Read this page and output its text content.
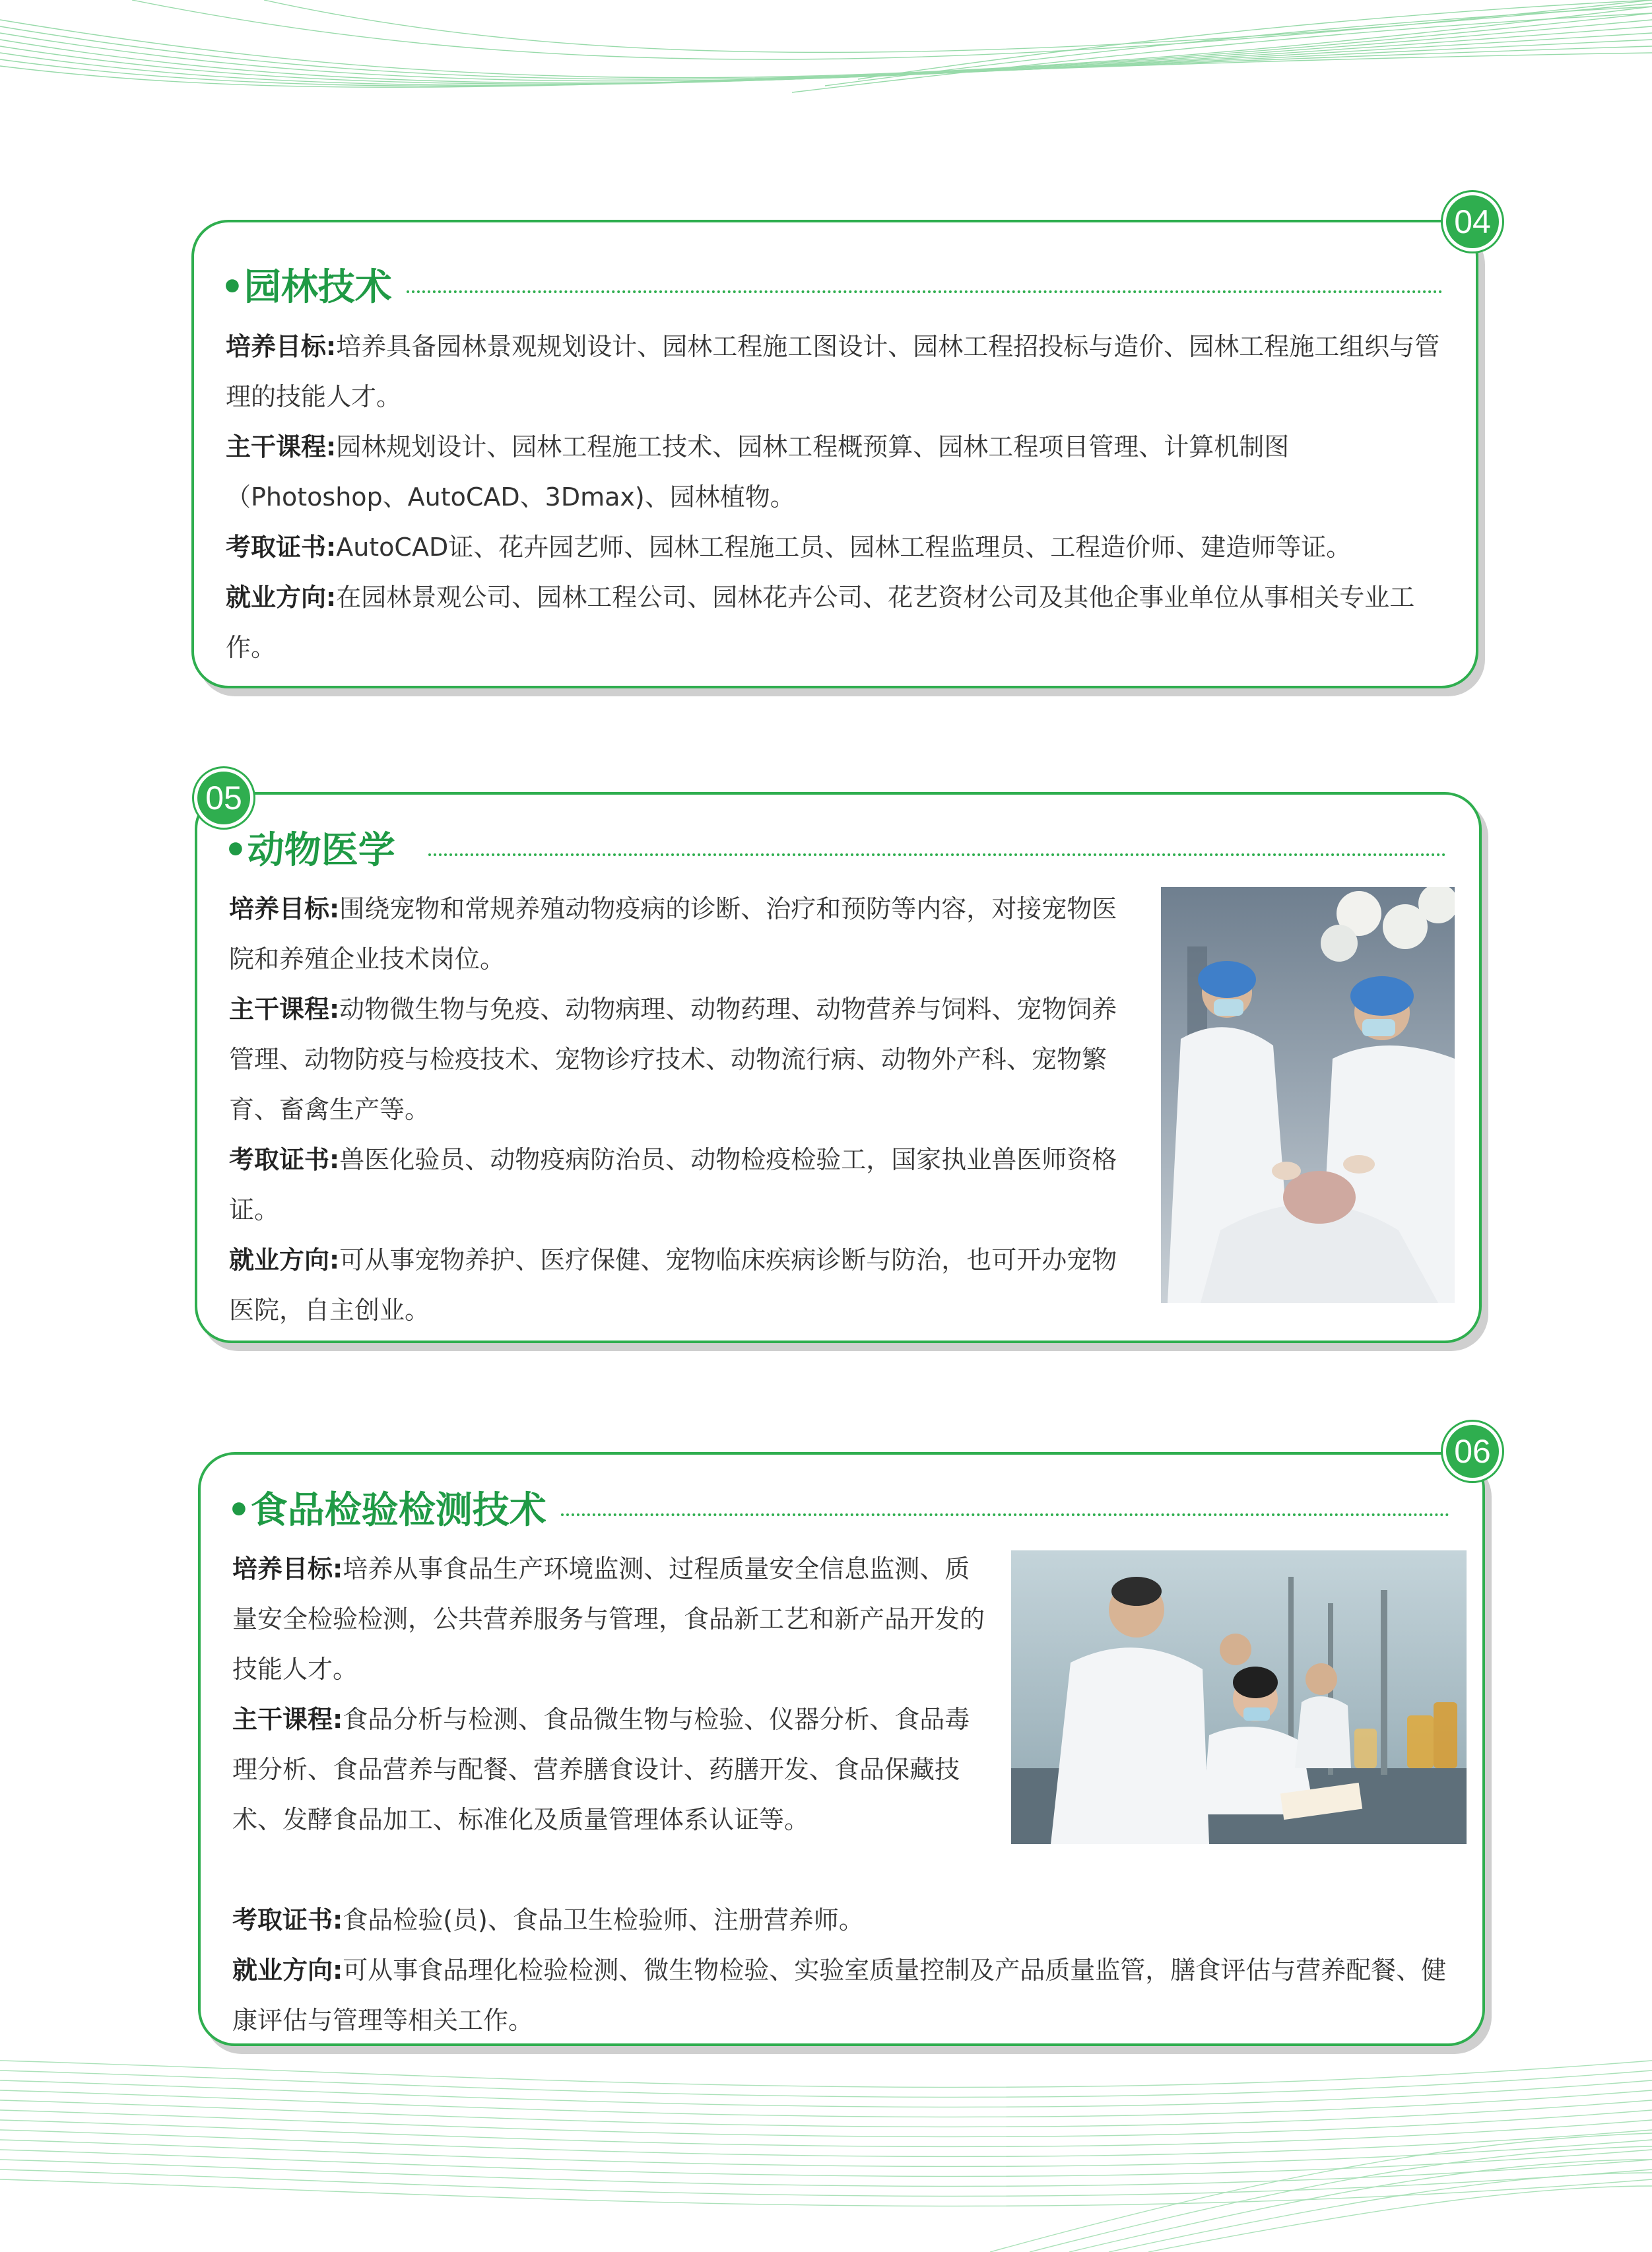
04
•园林技术

培养目标:培养具备园林景观规划设计、园林工程施工图设计、园林工程招投标与造价、园林工程施工组织与管理的技能人才。

主干课程:园林规划设计、园林工程施工技术、园林工程概预算、园林工程项目管理、计算机制图（Photoshop、AutoCAD、3Dmax)、园林植物。

考取证书:AutoCAD证、花卉园艺师、园林工程施工员、园林工程监理员、工程造价师、建造师等证。

就业方向:在园林景观公司、园林工程公司、园林花卉公司、花艺资材公司及其他企事业单位从事相关专业工作。

05
•动物医学

培养目标:围绕宠物和常规养殖动物疫病的诊断、治疗和预防等内容，对接宠物医院和养殖企业技术岗位。

主干课程:动物微生物与免疫、动物病理、动物药理、动物营养与饲料、宠物饲养管理、动物防疫与检疫技术、宠物诊疗技术、动物流行病、动物外产科、宠物繁育、畜禽生产等。

考取证书:兽医化验员、动物疫病防治员、动物检疫检验工，国家执业兽医师资格证。

就业方向:可从事宠物养护、医疗保健、宠物临床疾病诊断与防治，也可开办宠物医院，自主创业。

06
•食品检验检测技术

培养目标:培养从事食品生产环境监测、过程质量安全信息监测、质量安全检验检测，公共营养服务与管理，食品新工艺和新产品开发的技能人才。

主干课程:食品分析与检测、食品微生物与检验、仪器分析、食品毒理分析、食品营养与配餐、营养膳食设计、药膳开发、食品保藏技术、发酵食品加工、标准化及质量管理体系认证等。

考取证书:食品检验(员)、食品卫生检验师、注册营养师。

就业方向:可从事食品理化检验检测、微生物检验、实验室质量控制及产品质量监管，膳食评估与营养配餐、健康评估与管理等相关工作。
